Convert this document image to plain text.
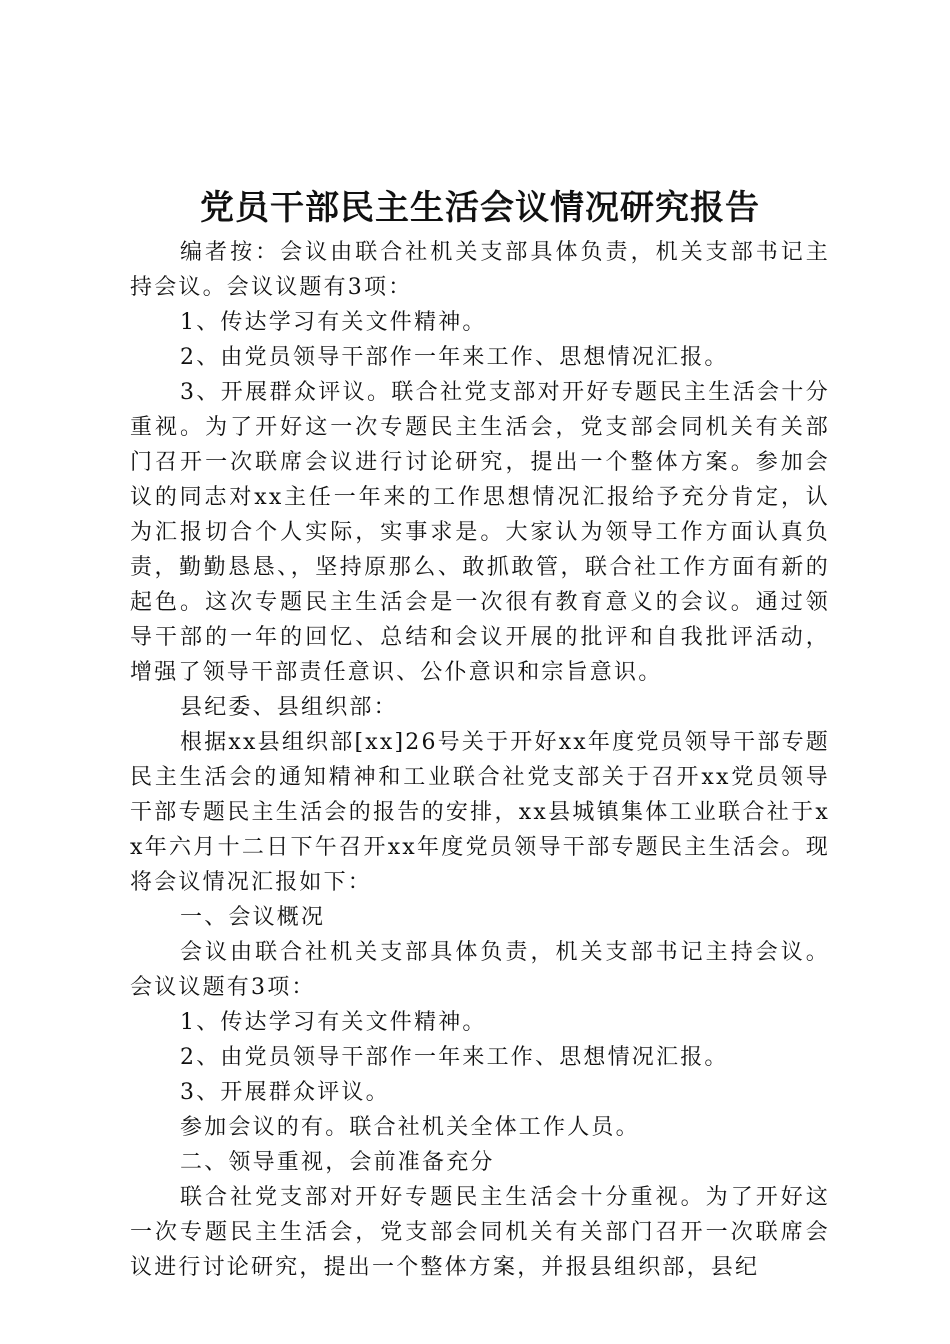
党员干部民主生活会议情况研究报告

编者按：会议由联合社机关支部具体负责，机关支部书记主持会议。会议议题有3项：

1、传达学习有关文件精神。

2、由党员领导干部作一年来工作、思想情况汇报。

3、开展群众评议。联合社党支部对开好专题民主生活会十分重视。为了开好这一次专题民主生活会，党支部会同机关有关部门召开一次联席会议进行讨论研究，提出一个整体方案。参加会议的同志对xx主任一年来的工作思想情况汇报给予充分肯定，认为汇报切合个人实际，实事求是。大家认为领导工作方面认真负责，勤勤恳恳、，坚持原那么、敢抓敢管，联合社工作方面有新的起色。这次专题民主生活会是一次很有教育意义的会议。通过领导干部的一年的回忆、总结和会议开展的批评和自我批评活动，增强了领导干部责任意识、公仆意识和宗旨意识。

县纪委、县组织部：

根据xx县组织部[xx]26号关于开好xx年度党员领导干部专题民主生活会的通知精神和工业联合社党支部关于召开xx党员领导干部专题民主生活会的报告的安排，xx县城镇集体工业联合社于xx年六月十二日下午召开xx年度党员领导干部专题民主生活会。现将会议情况汇报如下：

一、会议概况

会议由联合社机关支部具体负责，机关支部书记主持会议。会议议题有3项：

1、传达学习有关文件精神。

2、由党员领导干部作一年来工作、思想情况汇报。

3、开展群众评议。

参加会议的有。联合社机关全体工作人员。

二、领导重视，会前准备充分

联合社党支部对开好专题民主生活会十分重视。为了开好这一次专题民主生活会，党支部会同机关有关部门召开一次联席会议进行讨论研究，提出一个整体方案，并报县组织部，县纪
